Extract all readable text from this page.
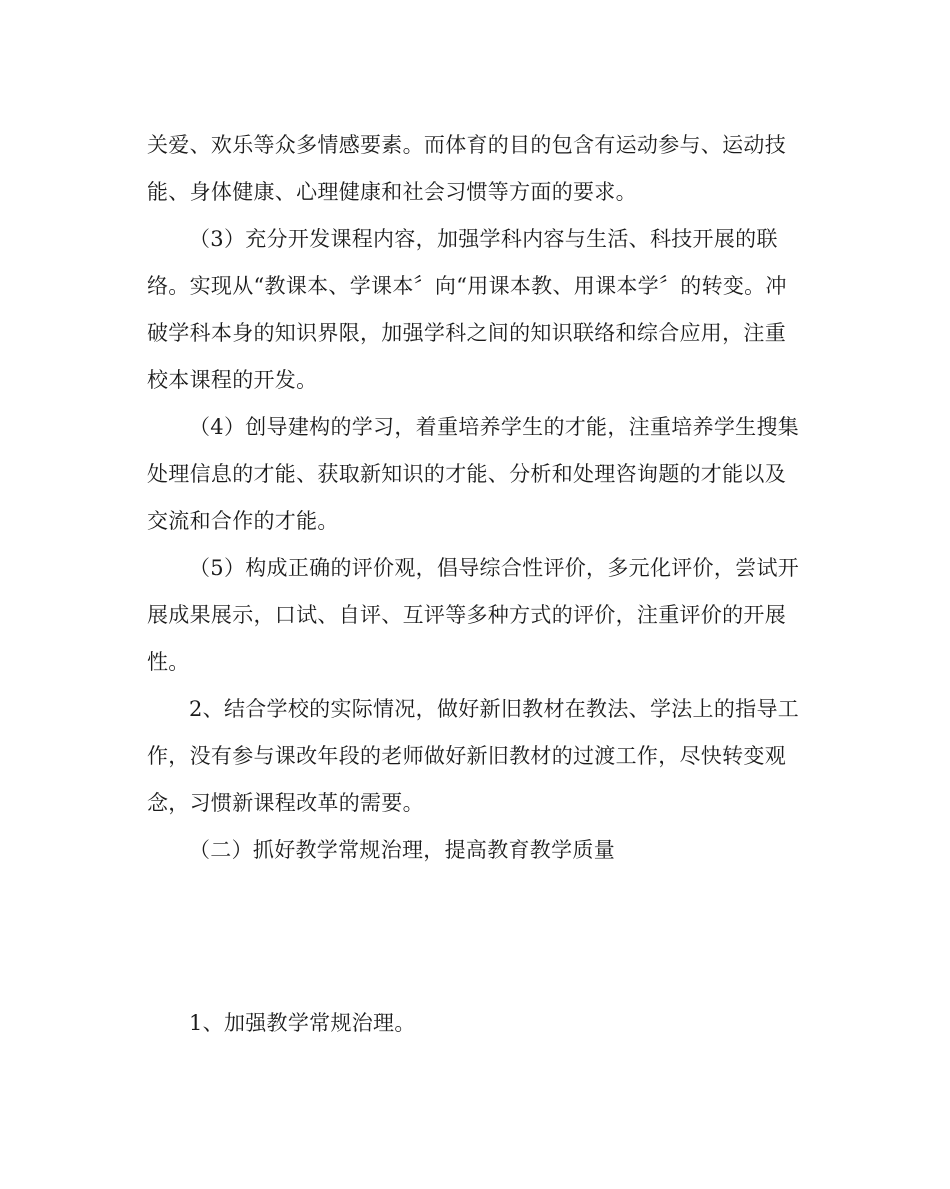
关爱、欢乐等众多情感要素。而体育的目的包含有运动参与、运动技能、身体健康、心理健康和社会习惯等方面的要求。

（3）充分开发课程内容，加强学科内容与生活、科技开展的联络。实现从“教课本、学课本〞向“用课本教、用课本学〞的转变。冲破学科本身的知识界限，加强学科之间的知识联络和综合应用，注重校本课程的开发。

（4）创导建构的学习，着重培养学生的才能，注重培养学生搜集处理信息的才能、获取新知识的才能、分析和处理咨询题的才能以及交流和合作的才能。

（5）构成正确的评价观，倡导综合性评价，多元化评价，尝试开展成果展示，口试、自评、互评等多种方式的评价，注重评价的开展性。

2、结合学校的实际情况，做好新旧教材在教法、学法上的指导工作，没有参与课改年段的老师做好新旧教材的过渡工作，尽快转变观念，习惯新课程改革的需要。

（二）抓好教学常规治理，提高教育教学质量

1、加强教学常规治理。
